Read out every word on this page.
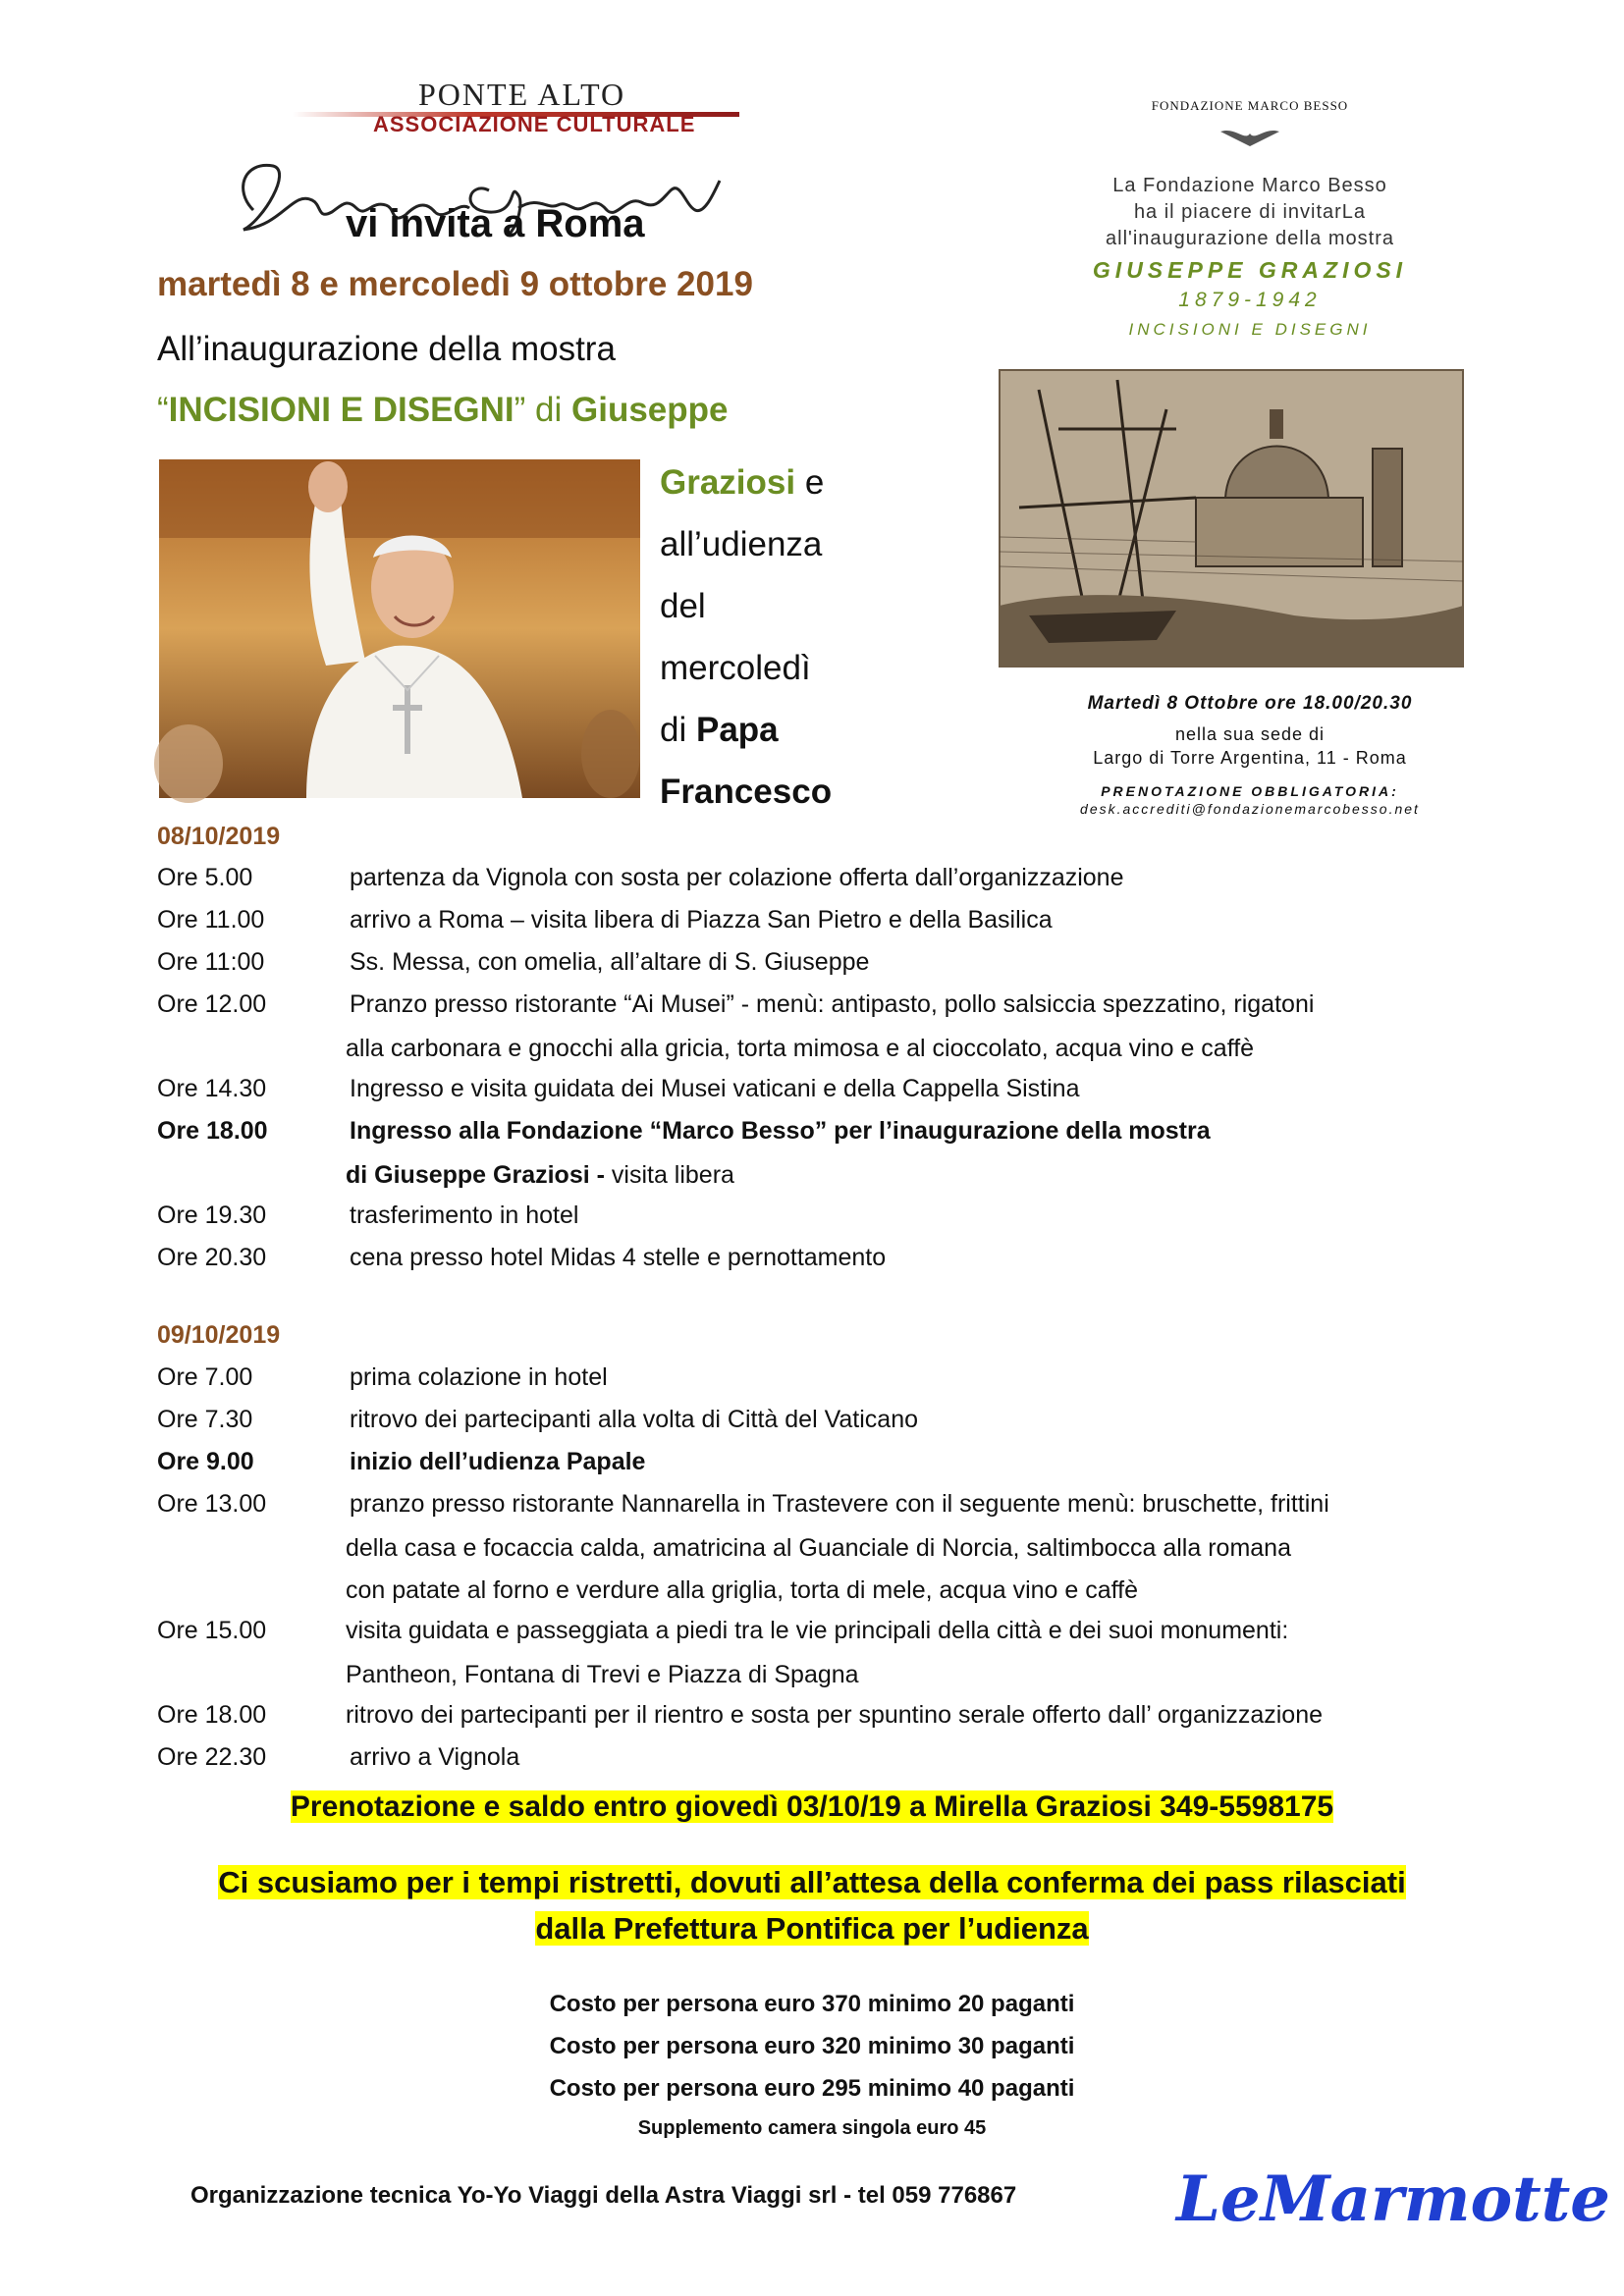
PONTE ALTO
ASSOCIAZIONE CULTURALE
vi invita a Roma
martedì 8 e mercoledì 9 ottobre 2019
All’inaugurazione della mostra
“INCISIONI E DISEGNI” di Giuseppe
Graziosi e
all’udienza
del
mercoledì
di Papa
Francesco
FONDAZIONE MARCO BESSO
La Fondazione Marco Besso
ha il piacere di invitarLa
all'inaugurazione della mostra
GIUSEPPE GRAZIOSI
1879-1942
INCISIONI E DISEGNI
Martedì 8 Ottobre ore 18.00/20.30
nella sua sede di
Largo di Torre Argentina, 11 - Roma
PRENOTAZIONE OBBLIGATORIA:
desk.accrediti@fondazionemarcobesso.net
08/10/2019
Ore 5.00	partenza da Vignola con sosta per colazione offerta dall’organizzazione
Ore 11.00	arrivo a Roma – visita libera di Piazza San Pietro e della Basilica
Ore 11:00	Ss. Messa, con omelia, all’altare di S. Giuseppe
Ore 12.00	Pranzo presso ristorante “Ai Musei” - menù: antipasto, pollo salsiccia spezzatino, rigatoni
alla carbonara e gnocchi alla gricia, torta mimosa e al cioccolato, acqua vino e caffè
Ore 14.30	Ingresso e visita guidata dei Musei vaticani e della Cappella Sistina
Ore 18.00	Ingresso alla Fondazione “Marco Besso” per l’inaugurazione della mostra
di Giuseppe Graziosi - visita libera
Ore 19.30	trasferimento in hotel
Ore 20.30	cena presso hotel Midas 4 stelle e pernottamento
09/10/2019
Ore 7.00	prima colazione in hotel
Ore 7.30	ritrovo dei partecipanti alla volta di Città del Vaticano
Ore 9.00	inizio dell’udienza Papale
Ore 13.00	pranzo presso ristorante Nannarella in Trastevere con il seguente menù: bruschette, frittini
della casa e focaccia calda, amatricina al Guanciale di Norcia, saltimbocca alla romana
con patate al forno e verdure alla griglia, torta di mele, acqua vino e caffè
Ore 15.00	visita guidata e passeggiata a piedi tra le vie principali della città e dei suoi monumenti:
Pantheon, Fontana di Trevi e Piazza di Spagna
Ore 18.00	ritrovo dei partecipanti per il rientro e sosta per spuntino serale offerto dall’ organizzazione
Ore 22.30	arrivo a Vignola
Prenotazione e saldo entro giovedì 03/10/19 a Mirella Graziosi 349-5598175
Ci scusiamo per i tempi ristretti, dovuti all’attesa della conferma dei pass rilasciati
dalla Prefettura Pontifica per l’udienza
Costo per persona euro 370 minimo 20 paganti
Costo per persona euro 320 minimo 30 paganti
Costo per persona euro 295 minimo 40 paganti
Supplemento camera singola euro 45
Organizzazione tecnica Yo-Yo Viaggi della Astra Viaggi srl - tel 059 776867	LeMarmotte
